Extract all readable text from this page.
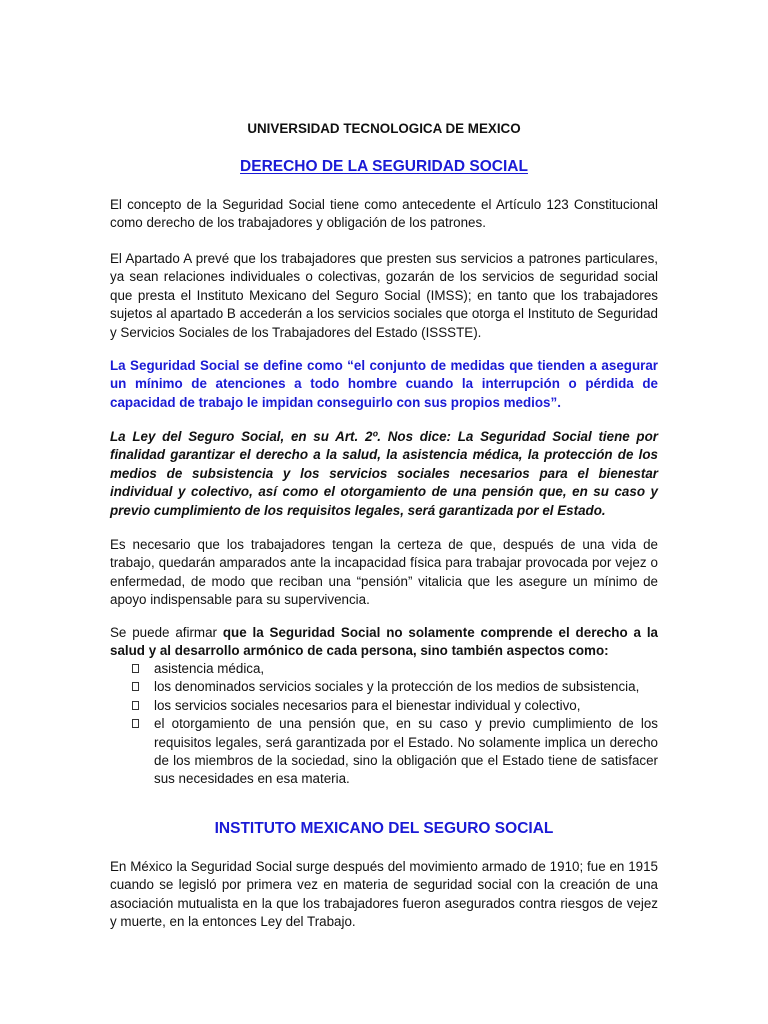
UNIVERSIDAD TECNOLOGICA DE MEXICO
DERECHO DE LA SEGURIDAD SOCIAL

El concepto de la Seguridad Social tiene como antecedente el Artículo 123 Constitucional como derecho de los trabajadores y obligación de los patrones.

El Apartado A prevé que los trabajadores que presten sus servicios a patrones particulares, ya sean relaciones individuales o colectivas, gozarán de los servicios de seguridad social que presta el Instituto Mexicano del Seguro Social (IMSS); en tanto que los trabajadores sujetos al apartado B accederán a los servicios sociales que otorga el Instituto de Seguridad y Servicios Sociales de los Trabajadores del Estado (ISSSTE).

La Seguridad Social se define como “el conjunto de medidas que tienden a asegurar un mínimo de atenciones a todo hombre cuando la interrupción o pérdida de capacidad de trabajo le impidan conseguirlo con sus propios medios”.

La Ley del Seguro Social, en su Art. 2º. Nos dice: La Seguridad Social tiene por finalidad garantizar el derecho a la salud, la asistencia médica, la protección de los medios de subsistencia y los servicios sociales necesarios para el bienestar individual y colectivo, así como el otorgamiento de una pensión que, en su caso y previo cumplimiento de los requisitos legales, será garantizada por el Estado.

Es necesario que los trabajadores tengan la certeza de que, después de una vida de trabajo, quedarán amparados ante la incapacidad física para trabajar provocada por vejez o enfermedad, de modo que reciban una “pensión” vitalicia que les asegure un mínimo de apoyo indispensable para su supervivencia.

Se puede afirmar que la Seguridad Social no solamente comprende el derecho a la salud y al desarrollo armónico de cada persona, sino también aspectos como:

asistencia médica,
los denominados servicios sociales y la protección de los medios de subsistencia,
los servicios sociales necesarios para el bienestar individual y colectivo,
el otorgamiento de una pensión que, en su caso y previo cumplimiento de los requisitos legales, será garantizada por el Estado. No solamente implica un derecho de los miembros de la sociedad, sino la obligación que el Estado tiene de satisfacer sus necesidades en esa materia.
INSTITUTO MEXICANO DEL SEGURO SOCIAL

En México la Seguridad Social surge después del movimiento armado de 1910; fue en 1915 cuando se legisló por primera vez en materia de seguridad social con la creación de una asociación mutualista en la que los trabajadores fueron asegurados contra riesgos de vejez y muerte, en la entonces Ley del Trabajo.
